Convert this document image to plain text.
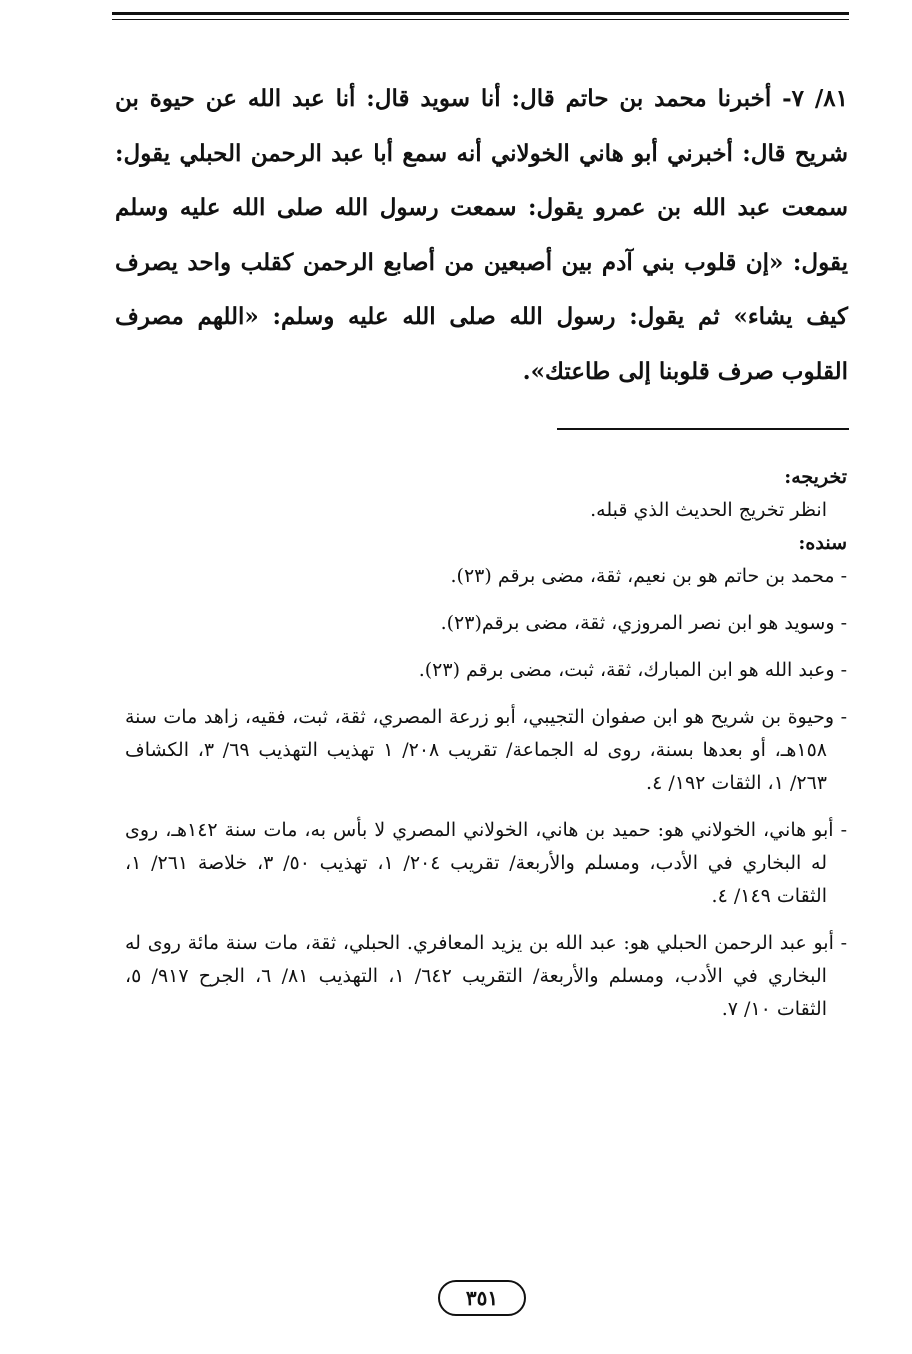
٨١/ ٧- أخبرنا محمد بن حاتم قال: أنا سويد قال: أنا عبد الله عن حيوة بن شريح قال: أخبرني أبو هاني الخولاني أنه سمع أبا عبد الرحمن الحبلي يقول: سمعت عبد الله بن عمرو يقول: سمعت رسول الله صلى الله عليه وسلم يقول: «إن قلوب بني آدم بين أصبعين من أصابع الرحمن كقلب واحد يصرف كيف يشاء» ثم يقول: رسول الله صلى الله عليه وسلم: «اللهم مصرف القلوب صرف قلوبنا إلى طاعتك».

تخريجه:

انظر تخريج الحديث الذي قبله.

سنده:

- محمد بن حاتم هو بن نعيم، ثقة، مضى برقم (٢٣).
- وسويد هو ابن نصر المروزي، ثقة، مضى برقم(٢٣).
- وعبد الله هو ابن المبارك، ثقة، ثبت، مضى برقم (٢٣).
- وحيوة بن شريح هو ابن صفوان التجيبي، أبو زرعة المصري، ثقة، ثبت، فقيه، زاهد مات سنة ١٥٨هـ، أو بعدها بسنة، روى له الجماعة/ تقريب ٢٠٨/ ١ تهذيب التهذيب ٦٩/ ٣، الكشاف ٢٦٣/ ١، الثقات ١٩٢/ ٤.
- أبو هاني، الخولاني هو: حميد بن هاني، الخولاني المصري لا بأس به، مات سنة ١٤٢هـ، روى له البخاري في الأدب، ومسلم والأربعة/ تقريب ٢٠٤/ ١، تهذيب ٥٠/ ٣، خلاصة ٢٦١/ ١، الثقات ١٤٩/ ٤.
- أبو عبد الرحمن الحبلي هو: عبد الله بن يزيد المعافري. الحبلي، ثقة، مات سنة مائة روى له البخاري في الأدب، ومسلم والأربعة/ التقريب ٦٤٢/ ١، التهذيب ٨١/ ٦، الجرح ٩١٧/ ٥، الثقات ١٠/ ٧.
٣٥١
